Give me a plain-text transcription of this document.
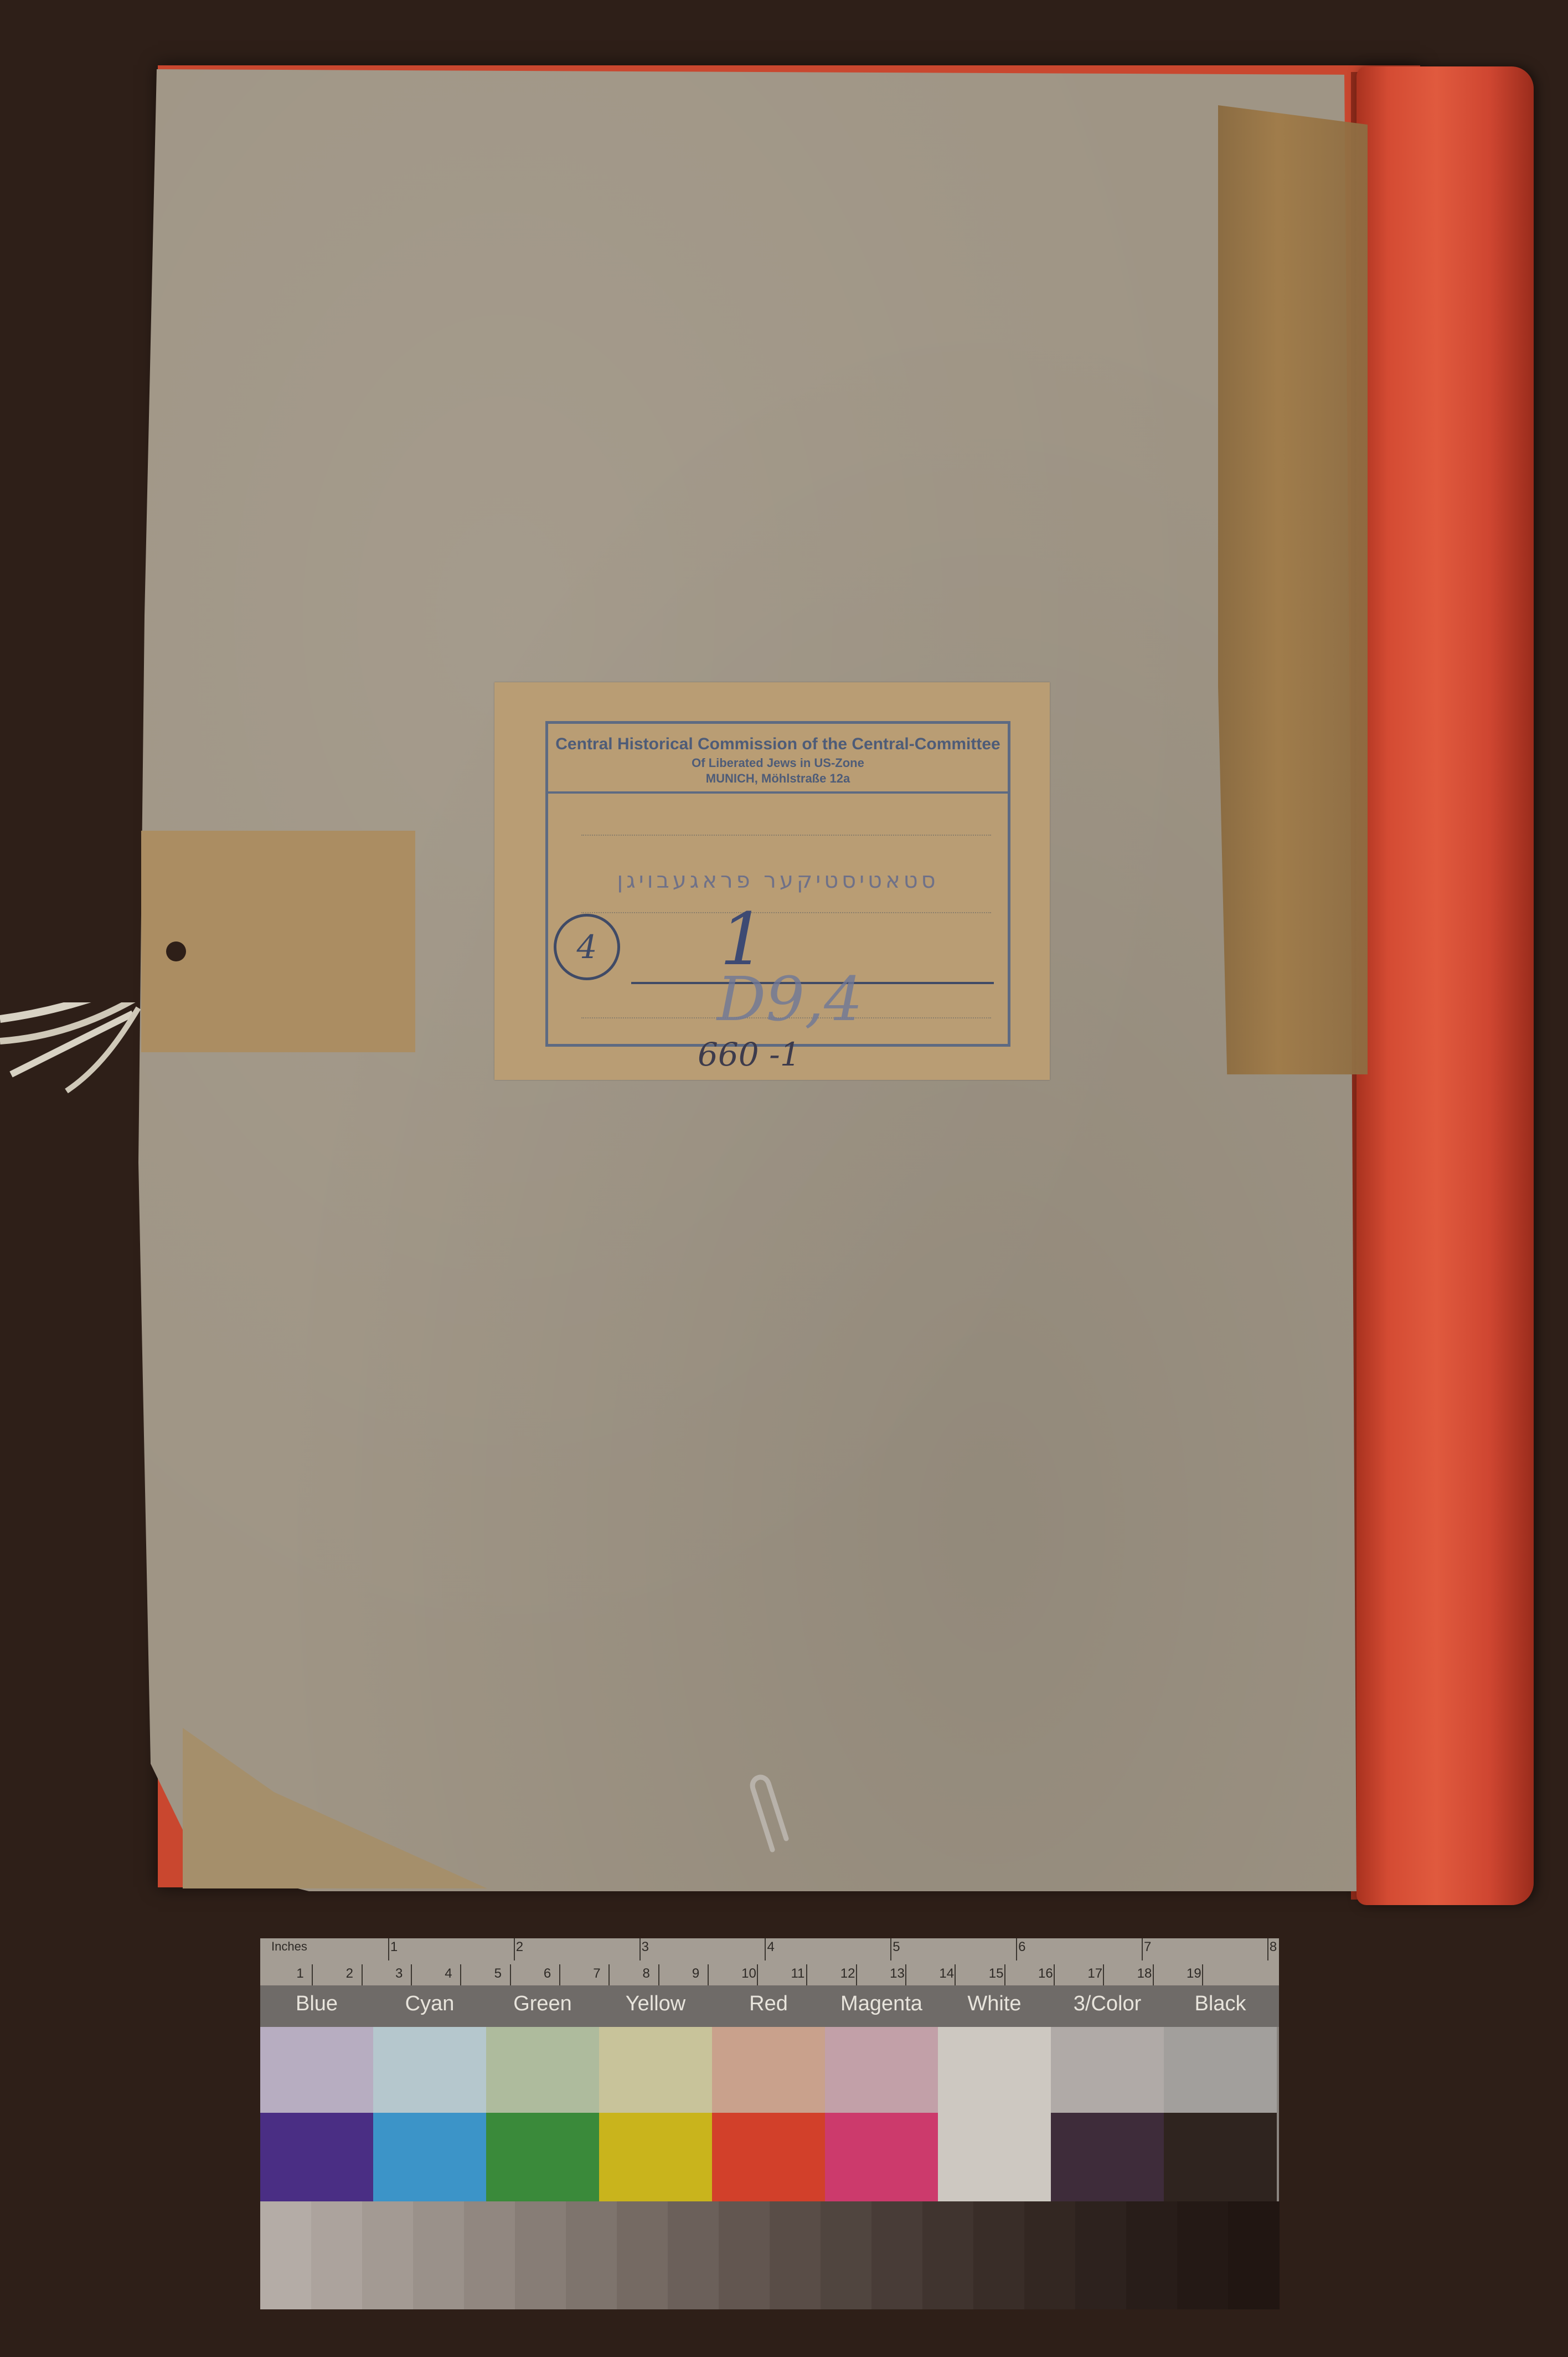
Central Historical Commission of the Central-Committee
Of Liberated Jews in US-Zone
MUNICH, Möhlstraße 12a
סטאטיסטיקער פראגעבויגן
4	1
D9,4
660 -1
Inches	1	2	3	4	5	6	7	8
1	2	3	4	5	6	7	8	9	10	11	12	13	14	15	16	17	18	19
Blue	Cyan	Green	Yellow	Red	Magenta	White	3/Color	Black
